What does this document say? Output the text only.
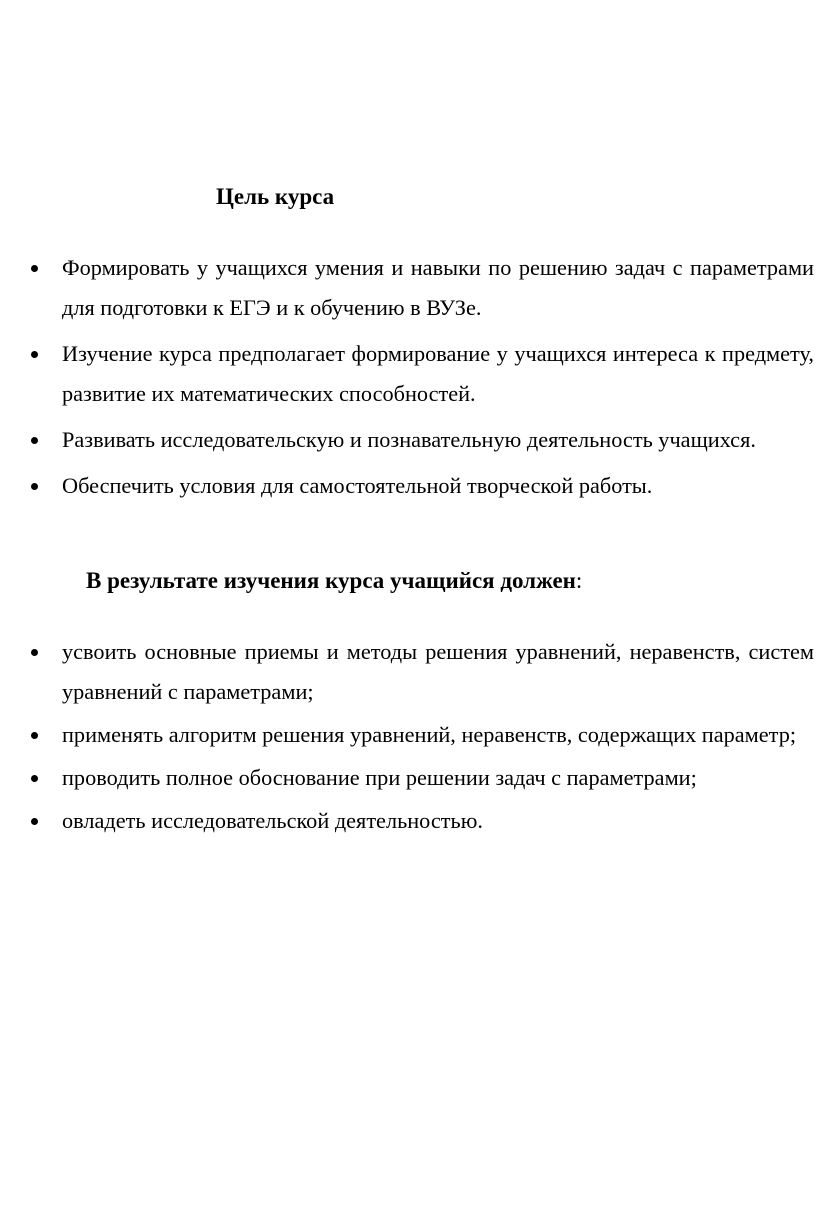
Цель курса
Формировать у учащихся умения и навыки по решению задач с параметрами для подготовки к ЕГЭ и к обучению в ВУЗе.
Изучение курса предполагает формирование у учащихся интереса к предмету, развитие их математических способностей.
Развивать исследовательскую и познавательную деятельность учащихся.
Обеспечить условия для самостоятельной творческой работы.
В результате изучения курса учащийся должен:
усвоить основные приемы и методы решения уравнений, неравенств, систем уравнений с параметрами;
применять алгоритм решения уравнений, неравенств, содержащих параметр;
проводить полное обоснование при решении задач с параметрами;
овладеть исследовательской деятельностью.
